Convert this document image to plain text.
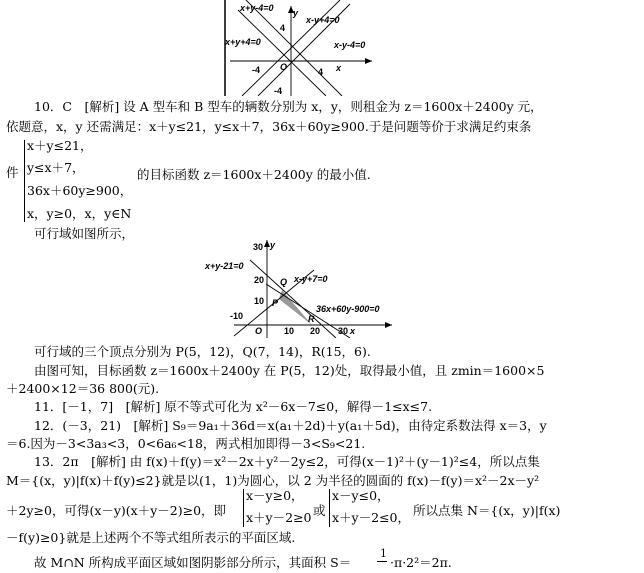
x+y-4=0 y
x-y+4=0
x+y+4=0
4
x-y-4=0
-4 O	4 x
-4
10．C　[解析] 设 A 型车和 B 型车的辆数分别为 x，y，则租金为 z＝1600x＋2400y 元，
依题意，x，y 还需满足：x＋y≤21，y≤x＋7，36x＋60y≥900.于是问题等价于求满足约束条
件
x＋y≤21，
y≤x＋7，
36x＋60y≥900，
x，y≥0，x，y∈N
的目标函数 z＝1600x＋2400y 的最小值.
可行域如图所示，
30 y
x+y-21=0
20 Q x-y+7=0
10 P
36x+60y-900=0
-10
O 10
R
20 30 x
可行域的三个顶点分别为 P(5，12)，Q(7，14)，R(15，6).
由图可知，目标函数 z＝1600x＋2400y 在 P(5，12)处，取得最小值，且 zmin＝1600×5
＋2400×12＝36 800(元).
11．[－1，7]　[解析] 原不等式可化为 x²－6x－7≤0，解得－1≤x≤7.
12．(－3，21)　[解析] S₉＝9a₁＋36d＝x(a₁＋2d)＋y(a₁＋5d)，由待定系数法得 x＝3，y
＝6.因为－3<3a₃<3，0<6a₆<18，两式相加即得－3<S₉<21.
13．2π　[解析] 由 f(x)＋f(y)＝x²－2x＋y²－2y≤2，可得(x－1)²＋(y－1)²≤4，所以点集
M＝{(x，y)|f(x)＋f(y)≤2}就是以(1，1)为圆心，以 2 为半径的圆面的 f(x)－f(y)＝x²－2x－y²
＋2y≥0，可得(x－y)(x＋y－2)≥0，即
x－y≥0，
x＋y－2≥0 或
x－y≤0，
x＋y－2≤0， 所以点集 N＝{(x，y)|f(x)
－f(y)≥0}就是上述两个不等式组所表示的平面区域.
故 M∩N 所构成平面区域如图阴影部分所示，其面积 S＝
1
·π·2²＝2π.
